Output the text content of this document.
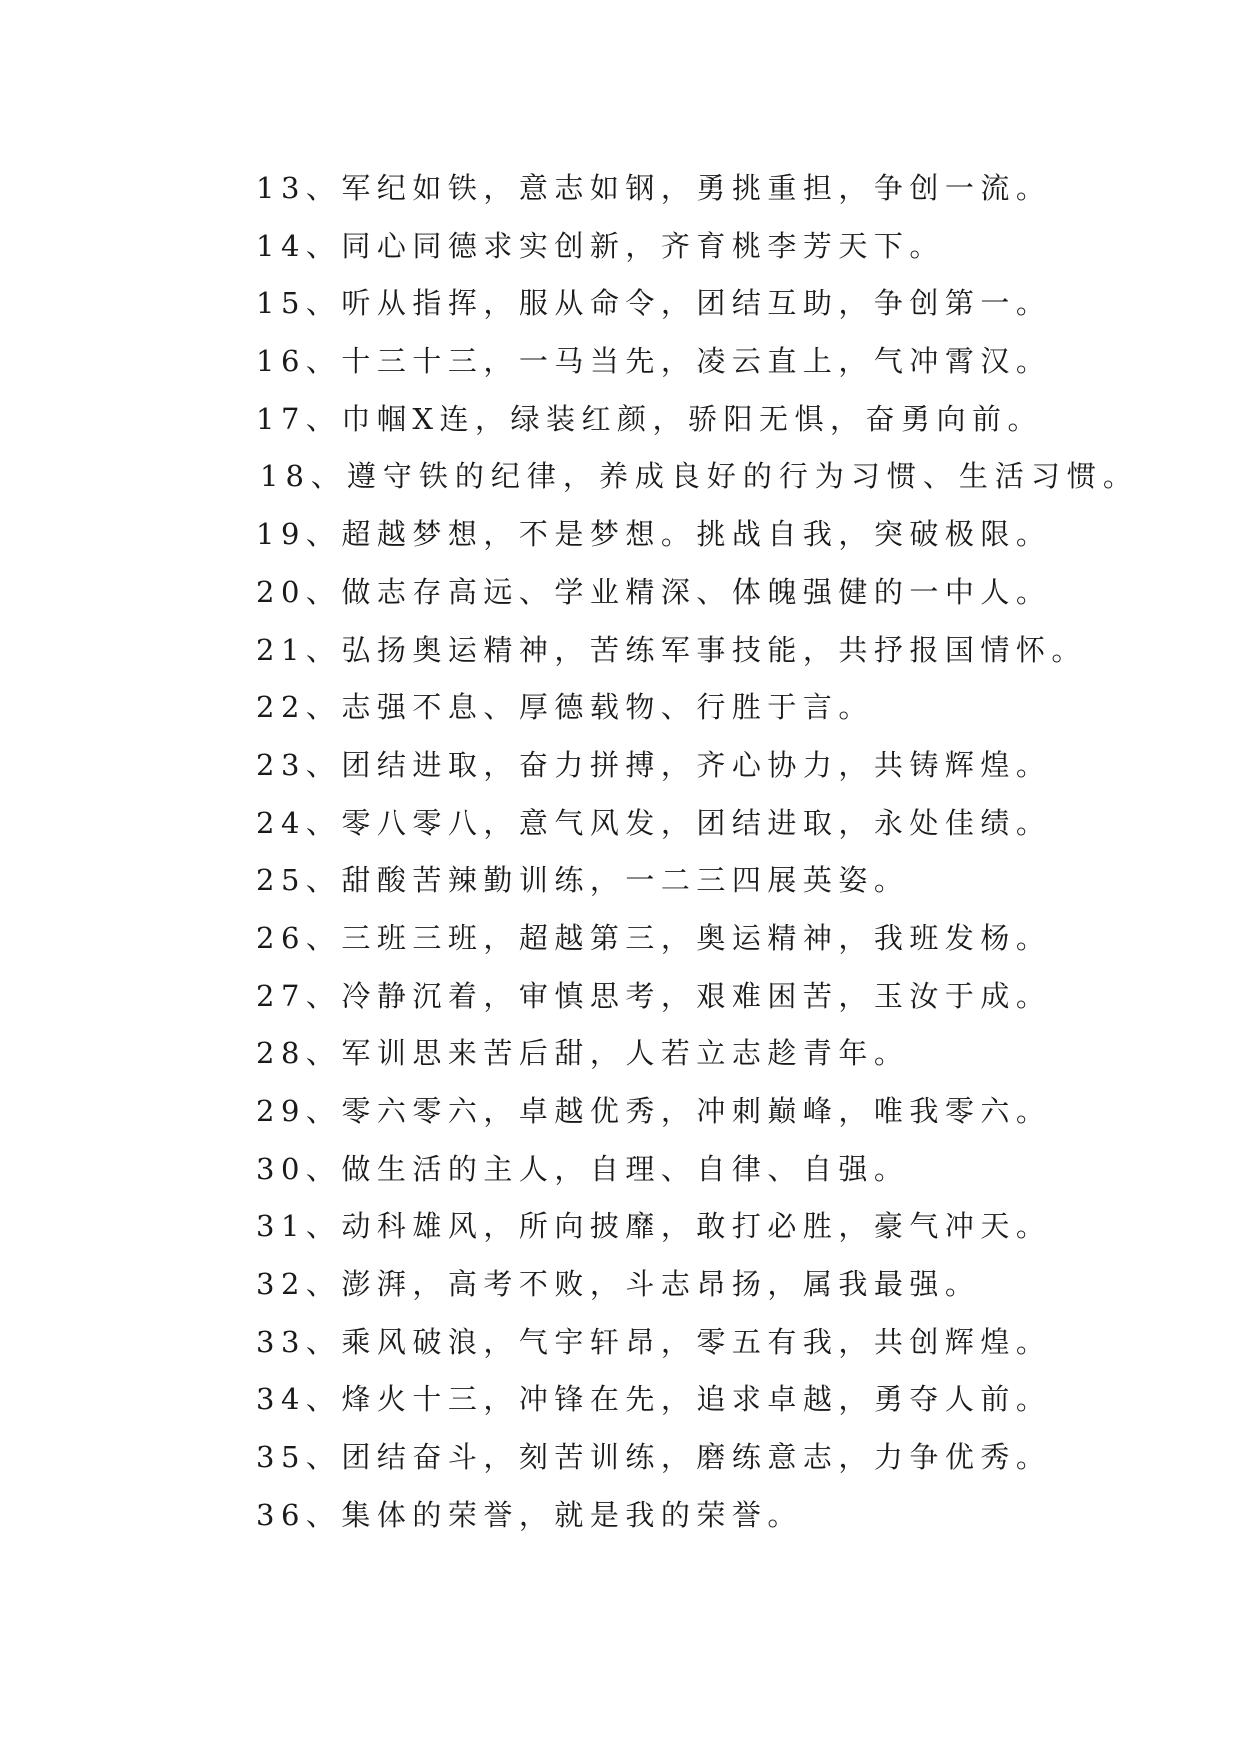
13、军纪如铁，意志如钢，勇挑重担，争创一流。
14、同心同德求实创新，齐育桃李芳天下。
15、听从指挥，服从命令，团结互助，争创第一。
16、十三十三，一马当先，凌云直上，气冲霄汉。
17、巾帼X连，绿装红颜，骄阳无惧，奋勇向前。
18、遵守铁的纪律，养成良好的行为习惯、生活习惯。
19、超越梦想，不是梦想。挑战自我，突破极限。
20、做志存高远、学业精深、体魄强健的一中人。
21、弘扬奥运精神，苦练军事技能，共抒报国情怀。
22、志强不息、厚德载物、行胜于言。
23、团结进取，奋力拼搏，齐心协力，共铸辉煌。
24、零八零八，意气风发，团结进取，永处佳绩。
25、甜酸苦辣勤训练，一二三四展英姿。
26、三班三班，超越第三，奥运精神，我班发杨。
27、冷静沉着，审慎思考，艰难困苦，玉汝于成。
28、军训思来苦后甜，人若立志趁青年。
29、零六零六，卓越优秀，冲刺巅峰，唯我零六。
30、做生活的主人，自理、自律、自强。
31、动科雄风，所向披靡，敢打必胜，豪气冲天。
32、澎湃，高考不败，斗志昂扬，属我最强。
33、乘风破浪，气宇轩昂，零五有我，共创辉煌。
34、烽火十三，冲锋在先，追求卓越，勇夺人前。
35、团结奋斗，刻苦训练，磨练意志，力争优秀。
36、集体的荣誉，就是我的荣誉。
